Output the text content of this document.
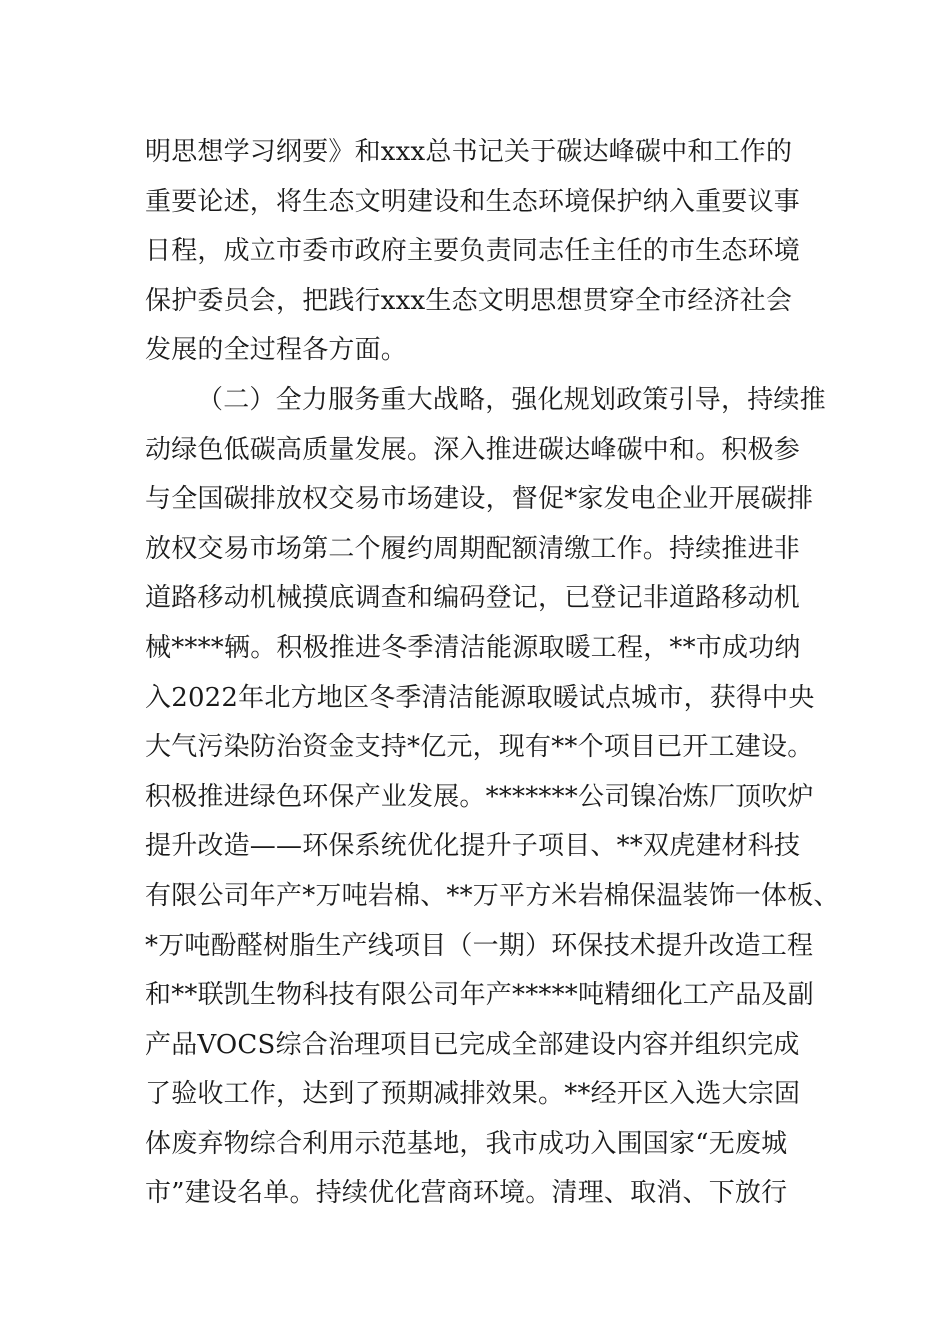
明思想学习纲要》和xxx总书记关于碳达峰碳中和工作的
重要论述，将生态文明建设和生态环境保护纳入重要议事
日程，成立市委市政府主要负责同志任主任的市生态环境
保护委员会，把践行xxx生态文明思想贯穿全市经济社会
发展的全过程各方面。
（二）全力服务重大战略，强化规划政策引导，持续推
动绿色低碳高质量发展。深入推进碳达峰碳中和。积极参
与全国碳排放权交易市场建设，督促*家发电企业开展碳排
放权交易市场第二个履约周期配额清缴工作。持续推进非
道路移动机械摸底调查和编码登记，已登记非道路移动机
械****辆。积极推进冬季清洁能源取暖工程，**市成功纳
入2022年北方地区冬季清洁能源取暖试点城市，获得中央
大气污染防治资金支持*亿元，现有**个项目已开工建设。
积极推进绿色环保产业发展。*******公司镍冶炼厂顶吹炉
提升改造——环保系统优化提升子项目、**双虎建材科技
有限公司年产*万吨岩棉、**万平方米岩棉保温装饰一体板、
*万吨酚醛树脂生产线项目（一期）环保技术提升改造工程
和**联凯生物科技有限公司年产*****吨精细化工产品及副
产品VOCS综合治理项目已完成全部建设内容并组织完成
了验收工作，达到了预期减排效果。**经开区入选大宗固
体废弃物综合利用示范基地，我市成功入围国家“无废城
市”建设名单。持续优化营商环境。清理、取消、下放行
